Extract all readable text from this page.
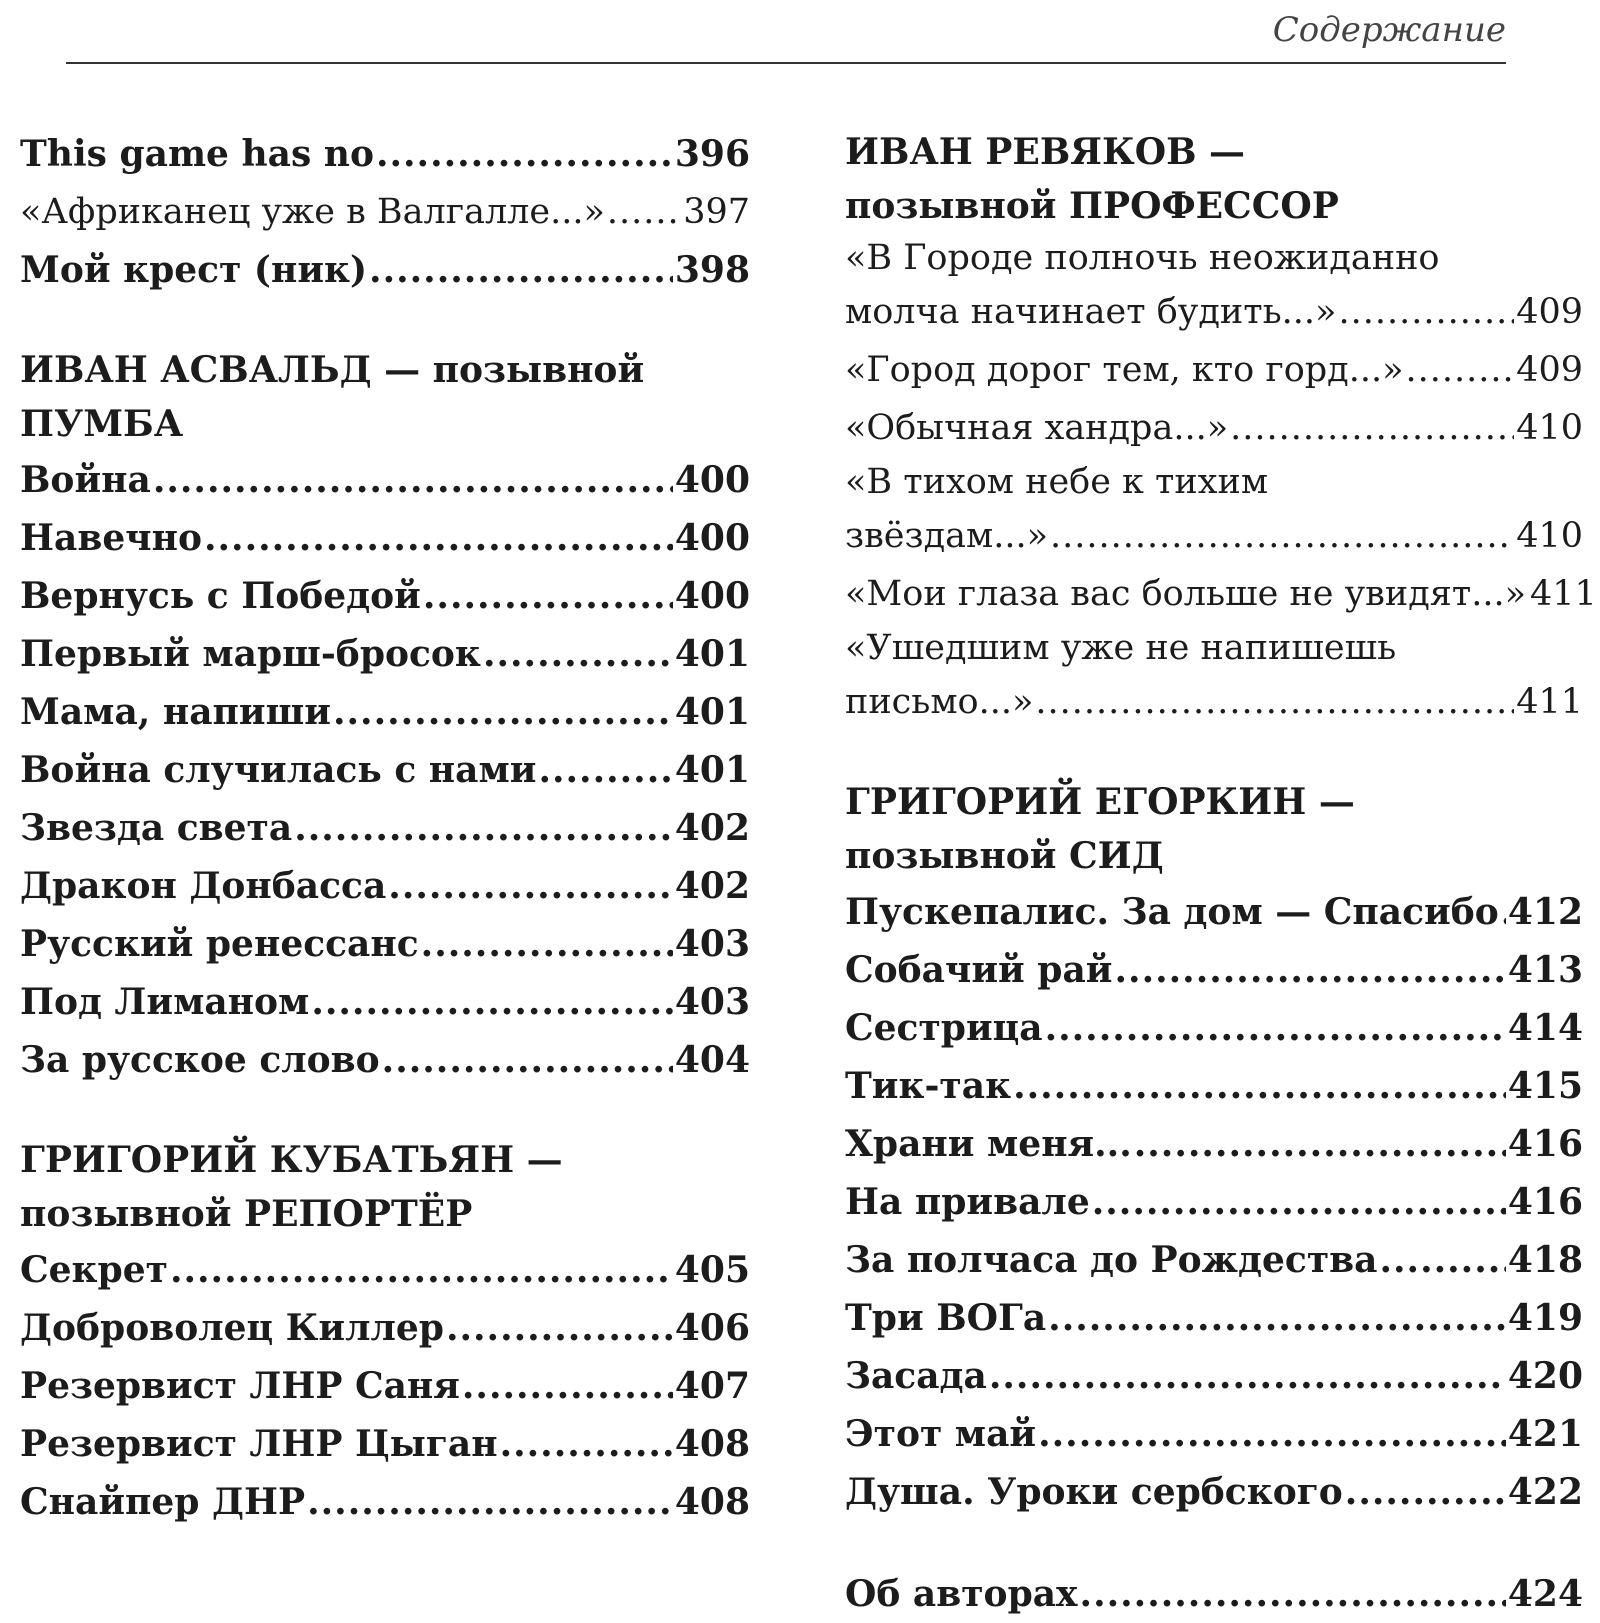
Содержание
This game has no .....	396
«Африканец уже в Валгалле...» ..... 397
Мой крест (ник) .....	398
ИВАН АСВАЛЬД — позывной
ПУМБА
Война .....	400
Навечно .....	400
Вернусь с Победой .....	400
Первый марш-бросок .....	401
Мама, напиши .....	401
Война случилась с нами .....	401
Звезда света .....	402
Дракон Донбасса .....	402
Русский ренессанс .....	403
Под Лиманом .....	403
За русское слово .....	404
ГРИГОРИЙ КУБАТЬЯН —
позывной РЕПОРТЁР
Секрет .....	405
Доброволец Киллер .....	406
Резервист ЛНР Саня .....	407
Резервист ЛНР Цыган .....	408
Снайпер ДНР .....	408
ИВАН РЕВЯКОВ —
позывной ПРОФЕССОР
«В Городе полночь неожиданно
молча начинает будить...» .....	409
«Город дорог тем, кто горд...» .....	409
«Обычная хандра...» .....	410
«В тихом небе к тихим
звёздам...» .....	410
«Мои глаза вас больше не увидят...» 411
«Ушедшим уже не напишешь
письмо...» .....	411
ГРИГОРИЙ ЕГОРКИН —
позывной СИД
Пускепалис. За дом — Спасибо ..... 412
Собачий рай .....	413
Сестрица .....	414
Тик-так .....	415
Храни меня... .....	416
На привале .....	416
За полчаса до Рождества .....	418
Три ВОГа .....	419
Засада .....	420
Этот май .....	421
Душа. Уроки сербского .....	422
Об авторах .....	424
